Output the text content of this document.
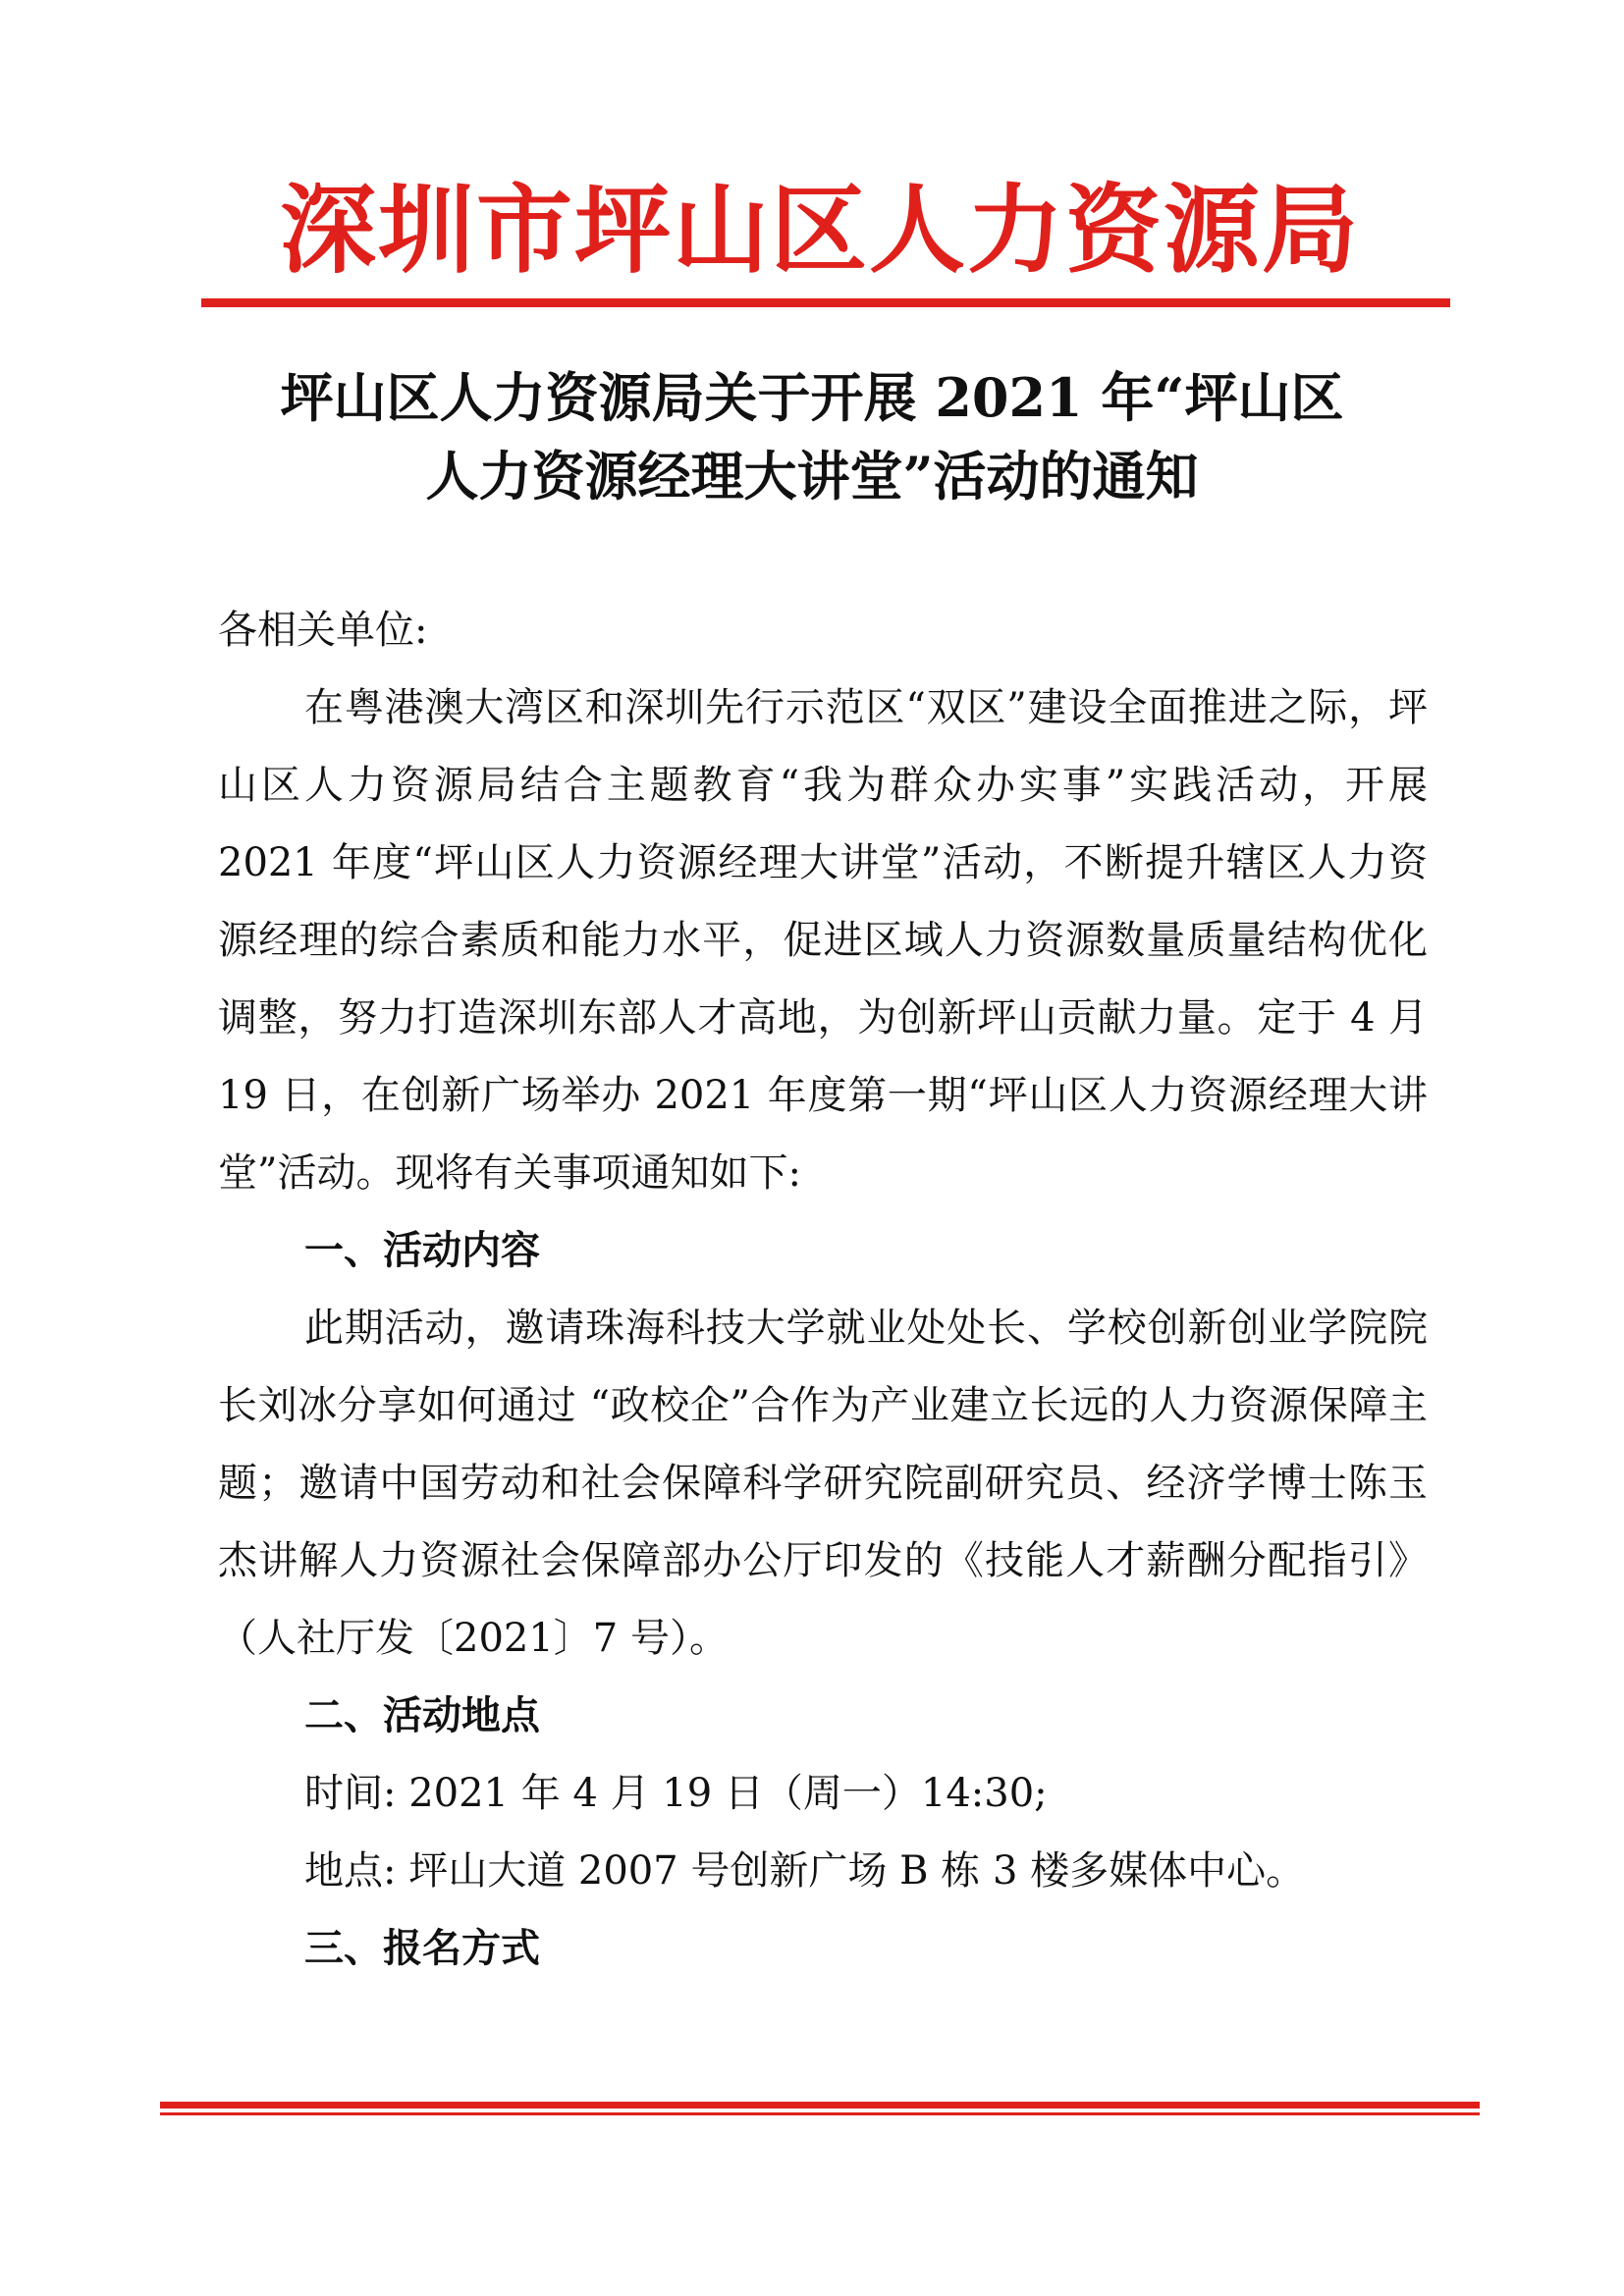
深圳市坪山区人力资源局
坪山区人力资源局关于开展 2021 年“坪山区
人力资源经理大讲堂”活动的通知

各相关单位:

在粤港澳大湾区和深圳先行示范区“双区”建设全面推进之际，坪山区人力资源局结合主题教育“我为群众办实事”实践活动，开展 2021 年度“坪山区人力资源经理大讲堂”活动，不断提升辖区人力资源经理的综合素质和能力水平，促进区域人力资源数量质量结构优化调整，努力打造深圳东部人才高地，为创新坪山贡献力量。定于 4 月 19 日，在创新广场举办 2021 年度第一期“坪山区人力资源经理大讲堂”活动。现将有关事项通知如下:

一、活动内容

此期活动，邀请珠海科技大学就业处处长、学校创新创业学院院长刘冰分享如何通过 “政校企”合作为产业建立长远的人力资源保障主题；邀请中国劳动和社会保障科学研究院副研究员、经济学博士陈玉杰讲解人力资源社会保障部办公厅印发的《技能人才薪酬分配指引》（人社厅发〔2021〕7 号）。

二、活动地点

时间: 2021 年 4 月 19 日（周一）14:30;

地点: 坪山大道 2007 号创新广场 B 栋 3 楼多媒体中心。

三、报名方式
